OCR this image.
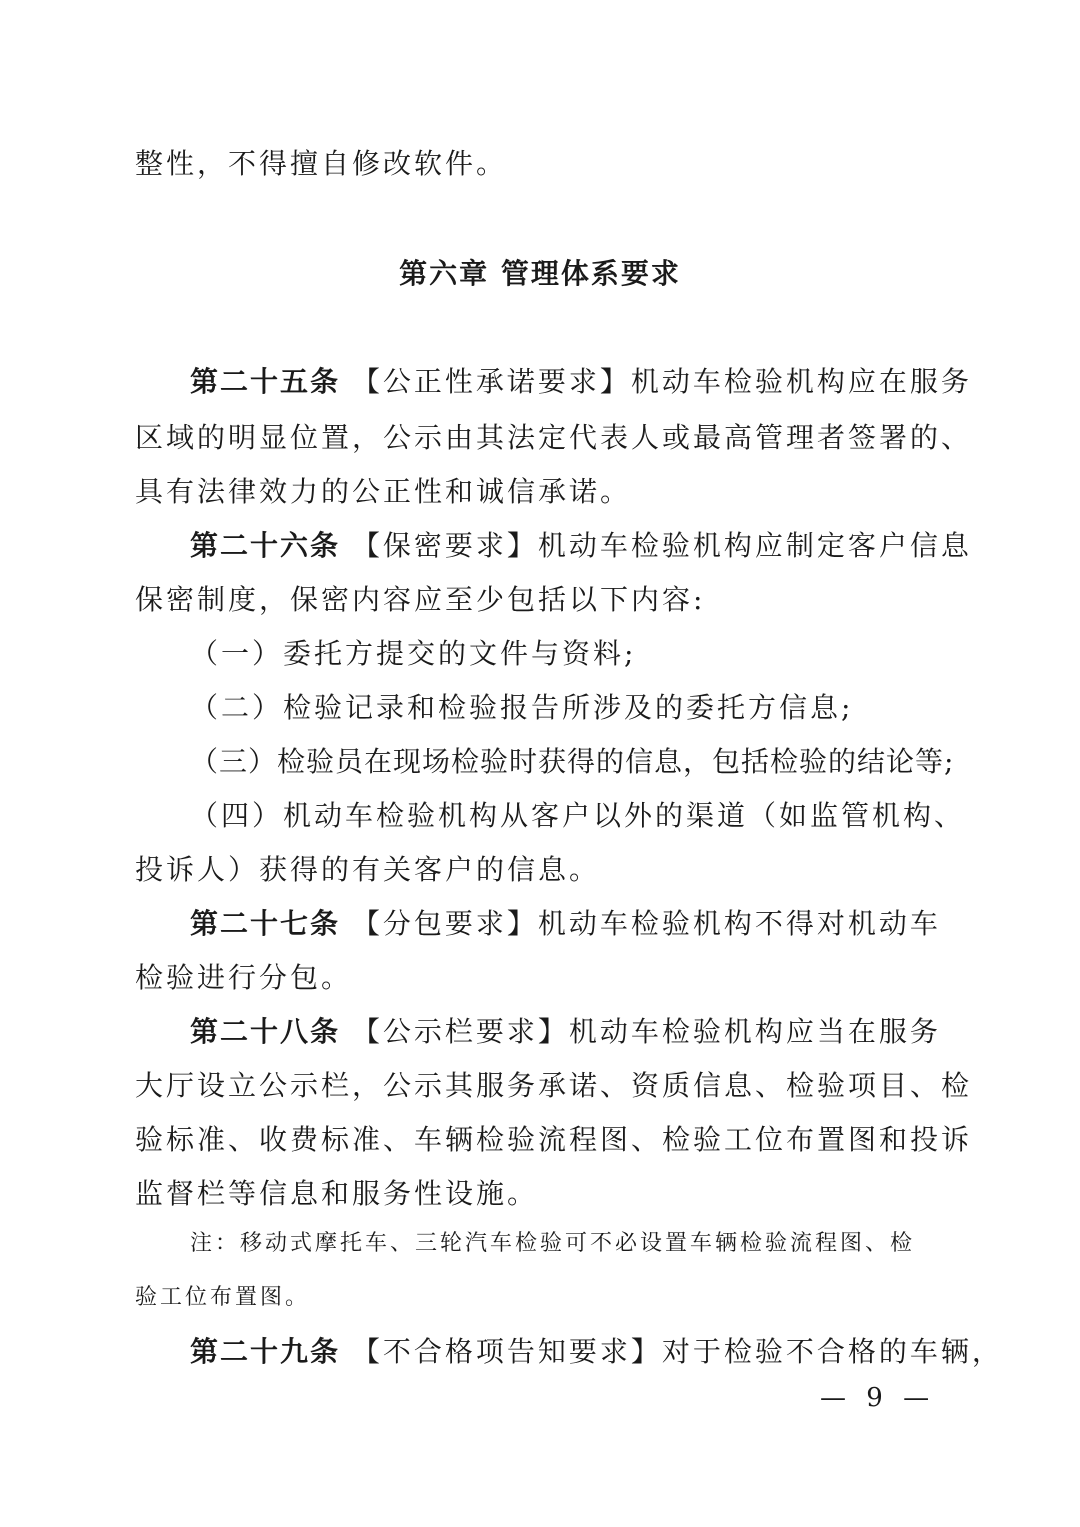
整性，不得擅自修改软件。
第六章 管理体系要求
第二十五条 【公正性承诺要求】机动车检验机构应在服务
区域的明显位置，公示由其法定代表人或最高管理者签署的、
具有法律效力的公正性和诚信承诺。
第二十六条 【保密要求】机动车检验机构应制定客户信息
保密制度，保密内容应至少包括以下内容:
（一）委托方提交的文件与资料;
（二）检验记录和检验报告所涉及的委托方信息;
（三）检验员在现场检验时获得的信息，包括检验的结论等;
（四）机动车检验机构从客户以外的渠道（如监管机构、
投诉人）获得的有关客户的信息。
第二十七条 【分包要求】机动车检验机构不得对机动车
检验进行分包。
第二十八条 【公示栏要求】机动车检验机构应当在服务
大厅设立公示栏，公示其服务承诺、资质信息、检验项目、检
验标准、收费标准、车辆检验流程图、检验工位布置图和投诉
监督栏等信息和服务性设施。
注：移动式摩托车、三轮汽车检验可不必设置车辆检验流程图、检
验工位布置图。
第二十九条 【不合格项告知要求】对于检验不合格的车辆，
— 9 —
